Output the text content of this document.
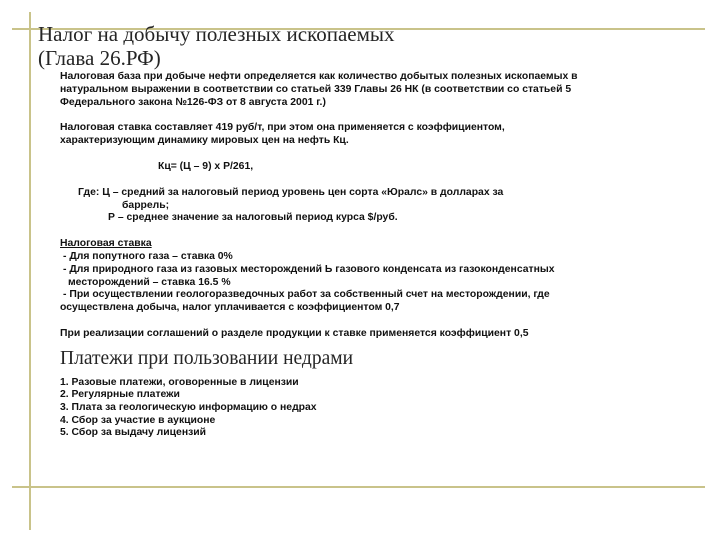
Налог на добычу полезных ископаемых
(Глава 26.РФ)

Налоговая база при добыче нефти определяется как количество добытых полезных ископаемых в

натуральном выражении в соответствии со статьей 339 Главы 26 НК (в соответствии со статьей 5

Федерального закона №126-ФЗ от 8 августа 2001 г.)

Налоговая ставка составляет 419 руб/т, при этом она применяется с коэффициентом,

характеризующим динамику мировых цен на нефть Кц.

Кц= (Ц – 9) х Р/261,

Где: Ц – средний за налоговый период уровень цен сорта «Юралс» в долларах за

баррель;

Р – среднее значение за налоговый период курса $/руб.

Налоговая ставка

- Для попутного газа – ставка 0%

- Для природного газа из газовых месторождений Ь газового конденсата из газоконденсатных

месторождений – ставка 16.5 %

- При осуществлении геологоразведочных работ за собственный счет на месторождении, где

осуществлена добыча, налог уплачивается с коэффициентом 0,7

При реализации соглашений о разделе продукции к ставке применяется коэффициент 0,5

Платежи при пользовании недрами

1. Разовые платежи, оговоренные в лицензии

2. Регулярные платежи

3. Плата за геологическую информацию о недрах

4. Сбор за участие в аукционе

5. Сбор за выдачу лицензий
